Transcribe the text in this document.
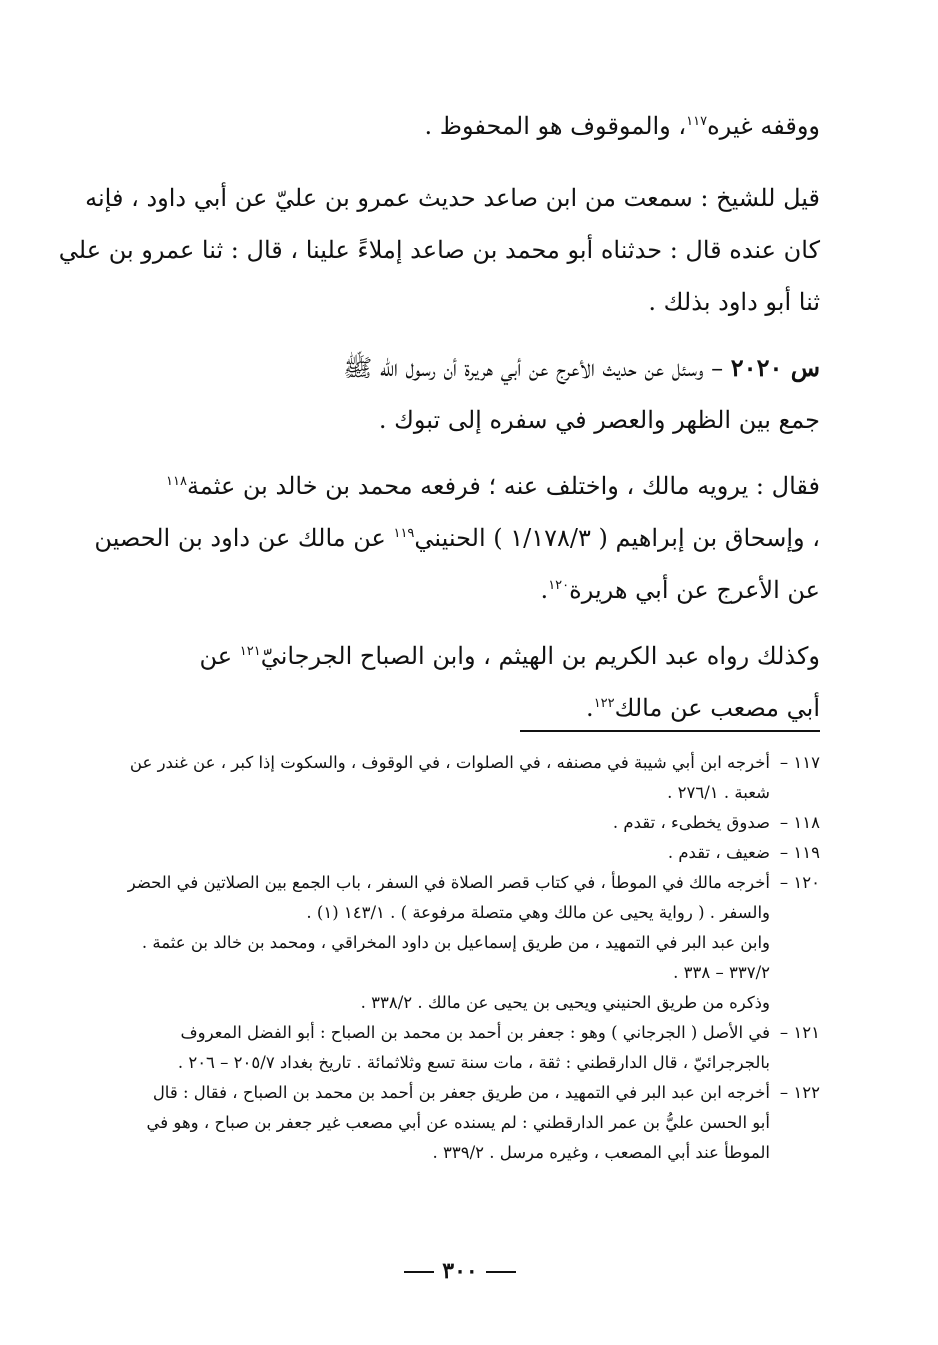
ووقفه غيره$^{١١٧}$، والموقوف هو المحفوظ .

قيل للشيخ : سمعت من ابن صاعد حديث عمرو بن عليّ عن أبي داود ، فإنه
كان عنده قال : حدثناه أبو محمد بن صاعد إملاءً علينا ، قال : ثنا عمرو بن علي
ثنا أبو داود بذلك .

س ٢٠٢٠ – وسئل عن حديث الأعرج عن أبي هريرة أن رسول الله ﷺ
جمع بين الظهر والعصر في سفره إلى تبوك .

فقال : يرويه مالك ، واختلف عنه ؛ فرفعه محمد بن خالد بن عثمة$^{١١٨}$
، وإسحاق بن إبراهيم ( ١/١٧٨/٣ ) الحنيني$^{١١٩}$ عن مالك عن داود بن الحصين
عن الأعرج عن أبي هريرة$^{١٢٠}$.

وكذلك رواه عبد الكريم بن الهيثم ، وابن الصباح الجرجانيّ$^{١٢١}$ عن
أبي مصعب عن مالك$^{١٢٢}$.

١١٧ –
أخرجه ابن أبي شيبة في مصنفه ، في الصلوات ، في الوقوف ، والسكوت إذا كبر ، عن غندر عن
شعبة . ٢٧٦/١ .
١١٨ –
صدوق يخطىء ، تقدم .
١١٩ –
ضعيف ، تقدم .
١٢٠ –
أخرجه مالك في الموطأ ، في كتاب قصر الصلاة في السفر ، باب الجمع بين الصلاتين في الحضر
والسفر . ( رواية يحيى عن مالك وهي متصلة مرفوعة ) . ١٤٣/١ (١) .
وابن عبد البر في التمهيد ، من طريق إسماعيل بن داود المخراقي ، ومحمد بن خالد بن عثمة .
٣٣٧/٢ – ٣٣٨ .
وذكره من طريق الحنيني ويحيى بن يحيى عن مالك . ٣٣٨/٢ .
١٢١ –
في الأصل ( الجرجاني ) وهو : جعفر بن أحمد بن محمد بن الصباح : أبو الفضل المعروف
بالجرجرائيّ ، قال الدارقطني : ثقة ، مات سنة تسع وثلاثمائة . تاريخ بغداد ٢٠٥/٧ – ٢٠٦ .
١٢٢ –
أخرجه ابن عبد البر في التمهيد ، من طريق جعفر بن أحمد بن محمد بن الصباح ، فقال : قال
أبو الحسن عليُّ بن عمر الدارقطني : لم يسنده عن أبي مصعب غير جعفر بن صباح ، وهو في
الموطأ عند أبي المصعب ، وغيره مرسل . ٣٣٩/٢ .
٣٠٠
